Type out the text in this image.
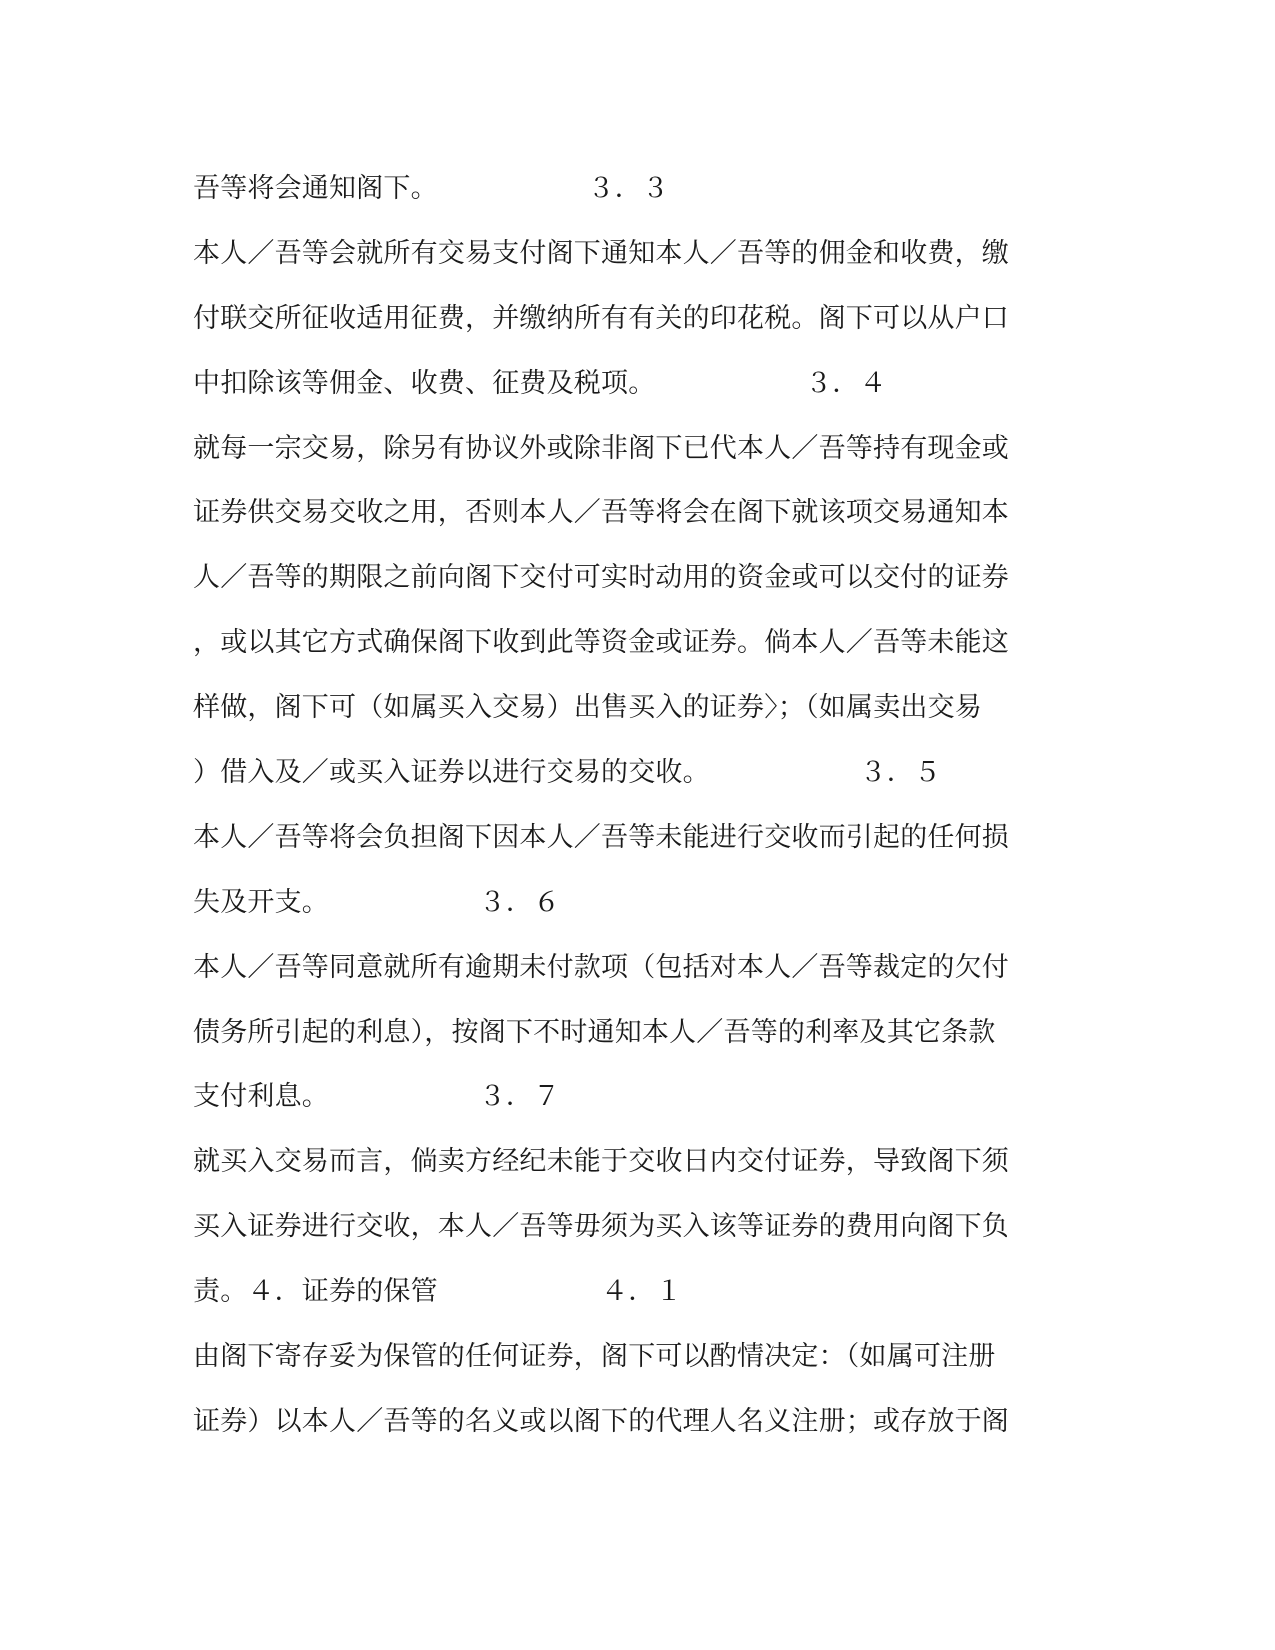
吾等将会通知阁下。　　　　　　３．３
本人／吾等会就所有交易支付阁下通知本人／吾等的佣金和收费，缴
付联交所征收适用征费，并缴纳所有有关的印花税。阁下可以从户口
中扣除该等佣金、收费、征费及税项。　　　　　　３．４
就每一宗交易，除另有协议外或除非阁下已代本人／吾等持有现金或
证券供交易交收之用，否则本人／吾等将会在阁下就该项交易通知本
人／吾等的期限之前向阁下交付可实时动用的资金或可以交付的证券
，或以其它方式确保阁下收到此等资金或证券。倘本人／吾等未能这
样做，阁下可（如属买入交易）出售买入的证券〉；（如属卖出交易
）借入及／或买入证券以进行交易的交收。　　　　　　３．５
本人／吾等将会负担阁下因本人／吾等未能进行交收而引起的任何损
失及开支。　　　　　　３．６
本人／吾等同意就所有逾期未付款项（包括对本人／吾等裁定的欠付
债务所引起的利息），按阁下不时通知本人／吾等的利率及其它条款
支付利息。　　　　　　３．７
就买入交易而言，倘卖方经纪未能于交收日内交付证券，导致阁下须
买入证券进行交收，本人／吾等毋须为买入该等证券的费用向阁下负
责。４．证券的保管　　　　　　４．１
由阁下寄存妥为保管的任何证券，阁下可以酌情决定：（如属可注册
证券）以本人／吾等的名义或以阁下的代理人名义注册；或存放于阁
